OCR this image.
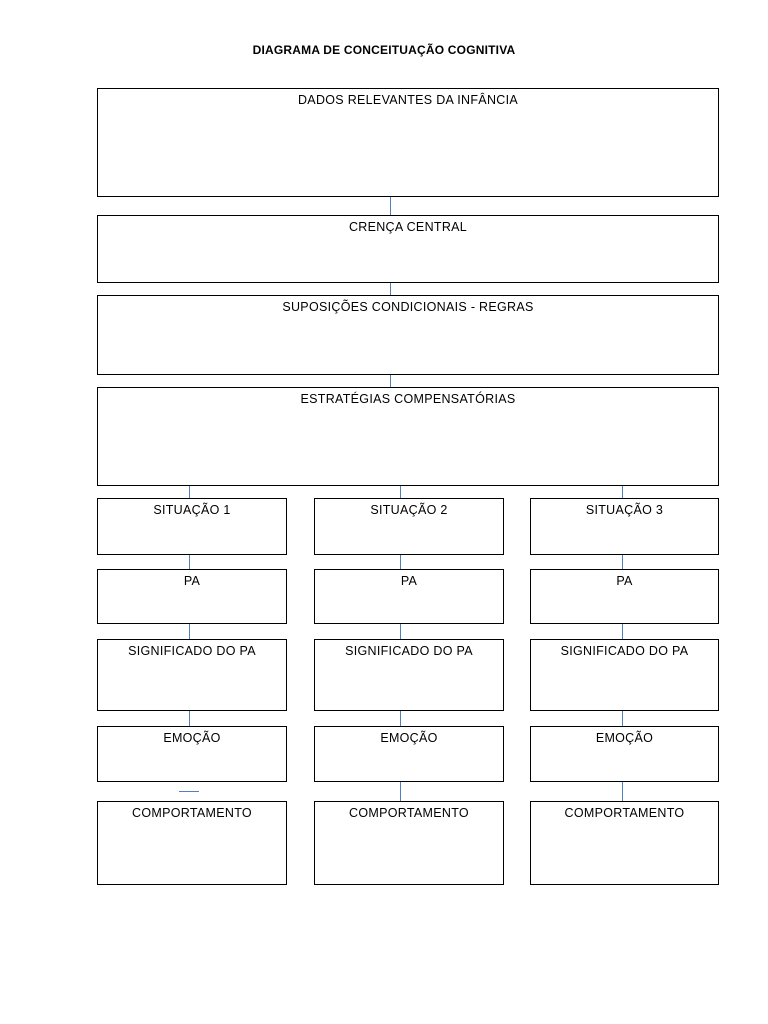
DIAGRAMA DE CONCEITUAÇÃO COGNITIVA
DADOS RELEVANTES DA INFÂNCIA
CRENÇA CENTRAL
SUPOSIÇÕES CONDICIONAIS - REGRAS
ESTRATÉGIAS COMPENSATÓRIAS
SITUAÇÃO 1
PA
SIGNIFICADO DO PA
EMOÇÃO
COMPORTAMENTO
SITUAÇÃO 2
PA
SIGNIFICADO DO PA
EMOÇÃO
COMPORTAMENTO
SITUAÇÃO 3
PA
SIGNIFICADO DO PA
EMOÇÃO
COMPORTAMENTO
